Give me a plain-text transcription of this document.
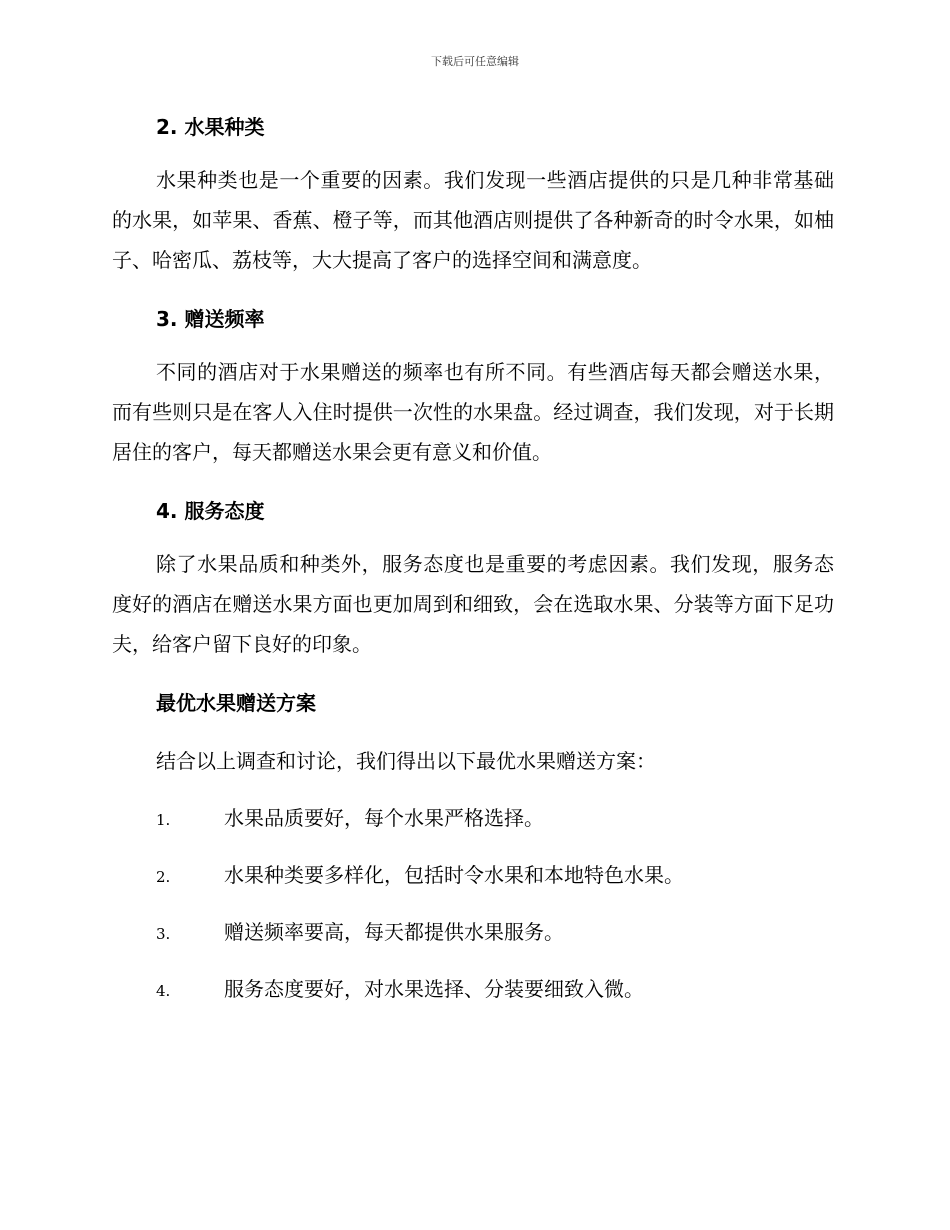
下载后可任意编辑
2. 水果种类

水果种类也是一个重要的因素。我们发现一些酒店提供的只是几种非常基础的水果，如苹果、香蕉、橙子等，而其他酒店则提供了各种新奇的时令水果，如柚子、哈密瓜、荔枝等，大大提高了客户的选择空间和满意度。

3. 赠送频率

不同的酒店对于水果赠送的频率也有所不同。有些酒店每天都会赠送水果，而有些则只是在客人入住时提供一次性的水果盘。经过调查，我们发现，对于长期居住的客户，每天都赠送水果会更有意义和价值。

4. 服务态度

除了水果品质和种类外，服务态度也是重要的考虑因素。我们发现，服务态度好的酒店在赠送水果方面也更加周到和细致，会在选取水果、分装等方面下足功夫，给客户留下良好的印象。

最优水果赠送方案

结合以上调查和讨论，我们得出以下最优水果赠送方案：

1.	水果品质要好，每个水果严格选择。
2.	水果种类要多样化，包括时令水果和本地特色水果。
3.	赠送频率要高，每天都提供水果服务。
4.	服务态度要好，对水果选择、分装要细致入微。
